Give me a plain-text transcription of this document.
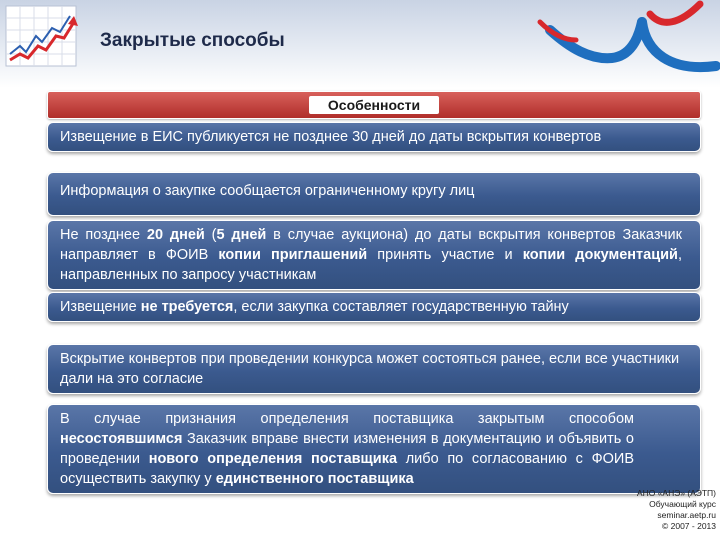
Закрытые способы
Особенности
Извещение в ЕИС публикуется не позднее 30 дней до даты вскрытия конвертов
Информация о закупке сообщается ограниченному кругу лиц
Не позднее 20 дней (5 дней в случае аукциона) до даты вскрытия конвертов Заказчик направляет в ФОИВ копии приглашений принять участие и копии документаций, направленных по запросу участникам
Извещение не требуется, если закупка составляет государственную тайну
Вскрытие конвертов при проведении конкурса может состояться ранее, если все участники дали на это согласие
В случае признания определения поставщика закрытым способом несостоявшимся Заказчик вправе внести изменения в документацию и объявить о проведении нового определения поставщика либо по согласованию с ФОИВ осуществить закупку у единственного поставщика
АНО «АНЭ» (АЭТП)
Обучающий курс
seminar.aetp.ru
© 2007 - 2013
